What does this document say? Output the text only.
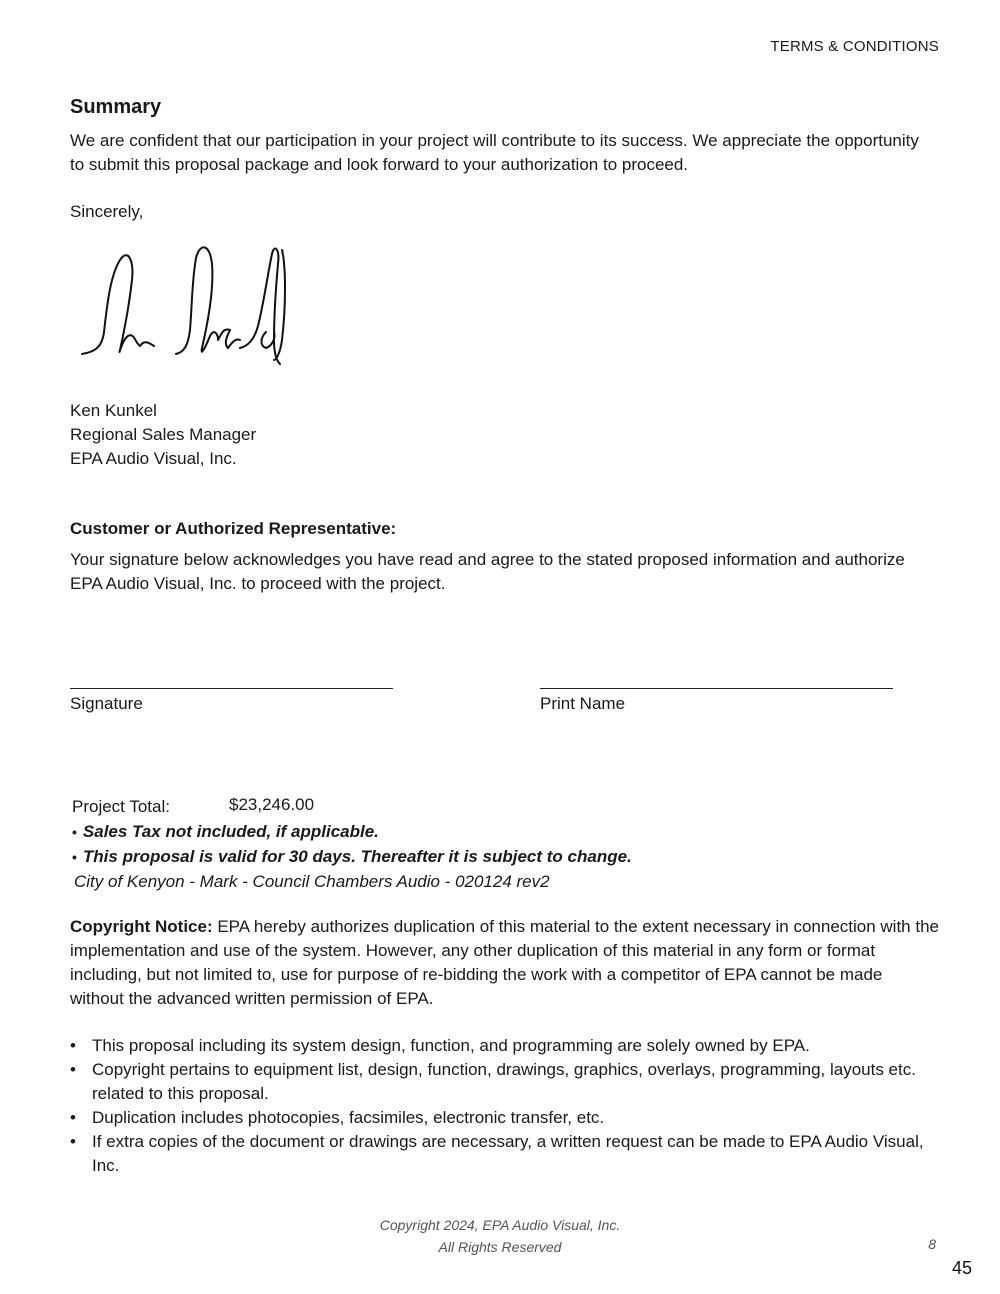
TERMS & CONDITIONS
Summary
We are confident that our participation in your project will contribute to its success. We appreciate the opportunity to submit this proposal package and look forward to your authorization to proceed.
Sincerely,
Ken Kunkel
Regional Sales Manager
EPA Audio Visual, Inc.
Customer or Authorized Representative:
Your signature below acknowledges you have read and agree to the stated proposed information and authorize EPA Audio Visual, Inc. to proceed with the project.
Signature	Print Name
Project Total:	$23,246.00
• Sales Tax not included, if applicable.
• This proposal is valid for 30 days. Thereafter it is subject to change.
City of Kenyon - Mark - Council Chambers Audio - 020124 rev2
Copyright Notice: EPA hereby authorizes duplication of this material to the extent necessary in connection with the implementation and use of the system. However, any other duplication of this material in any form or format including, but not limited to, use for purpose of re-bidding the work with a competitor of EPA cannot be made without the advanced written permission of EPA.
• This proposal including its system design, function, and programming are solely owned by EPA.
• Copyright pertains to equipment list, design, function, drawings, graphics, overlays, programming, layouts etc. related to this proposal.
• Duplication includes photocopies, facsimiles, electronic transfer, etc.
• If extra copies of the document or drawings are necessary, a written request can be made to EPA Audio Visual, Inc.
Copyright 2024, EPA Audio Visual, Inc.
All Rights Reserved	8
45
